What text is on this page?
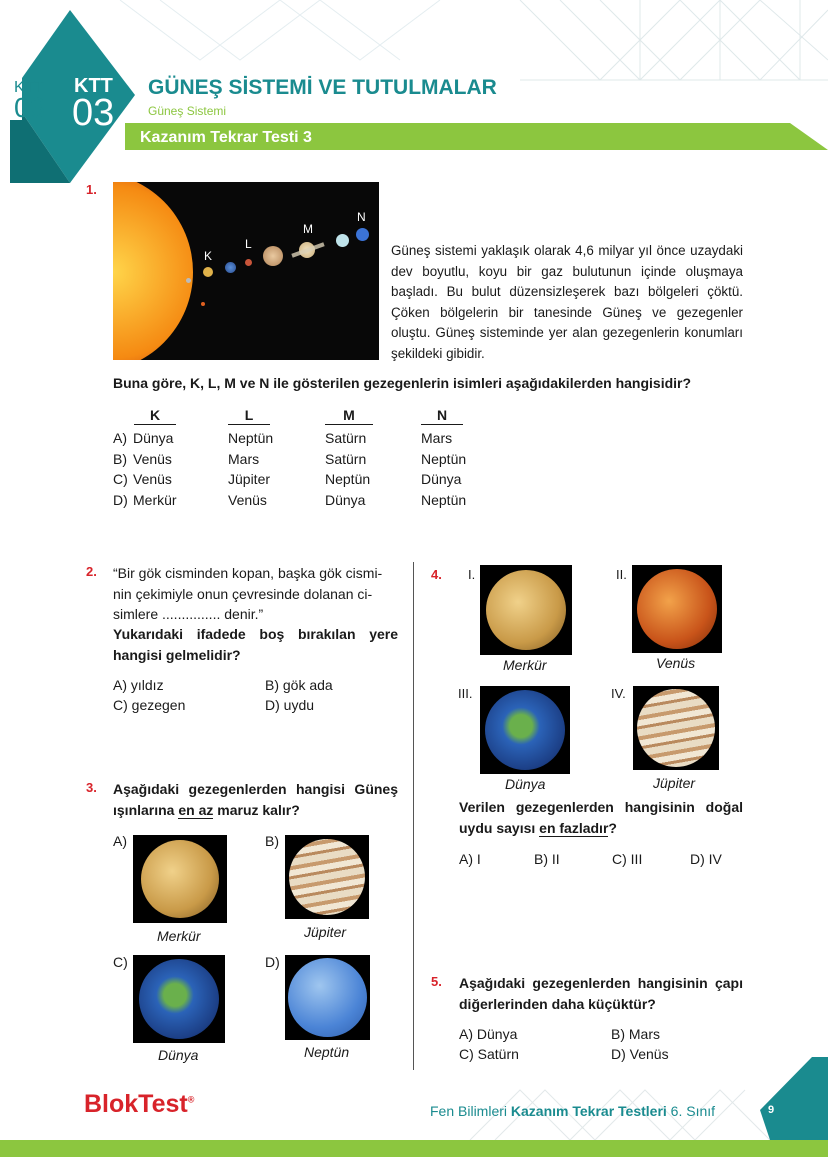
KTT
03
KTT
03
GÜNEŞ SİSTEMİ VE TUTULMALAR
Güneş Sistemi
Kazanım Tekrar Testi 3
1.
K
L
M
N
Güneş sistemi yaklaşık olarak 4,6 milyar yıl önce uzaydaki dev boyutlu, koyu bir gaz bulutunun içinde oluşmaya başladı. Bu bulut düzensizleşerek bazı bölgeleri çöktü. Çöken bölgelerin bir tanesinde Güneş ve gezegenler oluştu. Güneş sisteminde yer alan gezegenlerin konumları şekildeki gibidir.
Buna göre, K, L, M ve N ile gösterilen gezegenlerin isimleri aşağıdakilerden hangisidir?
K	L	M	N
A) Dünya	Neptün	Satürn	Mars
B) Venüs	Mars	Satürn	Neptün
C) Venüs	Jüpiter	Neptün	Dünya
D) Merkür	Venüs	Dünya	Neptün
2. “Bir gök cisminden kopan, başka gök cismi-
nin çekimiyle onun çevresinde dolanan ci-
simlere ............... denir.”
Yukarıdaki ifadede boş bırakılan yere
hangisi gelmelidir?
A) yıldız	B) gök ada
C) gezegen	D) uydu
3. Aşağıdaki gezegenlerden hangisi Güneş
ışınlarına en az maruz kalır?
A)
Merkür
B)
Jüpiter
C)
Dünya
D)
Neptün
4. I.
Merkür
II.
Venüs
III.
Dünya
IV.
Jüpiter
Verilen gezegenlerden hangisinin doğal
uydu sayısı en fazladır?
A) I	B) II	C) III	D) IV
5. Aşağıdaki gezegenlerden hangisinin çapı
diğerlerinden daha küçüktür?
A) Dünya	B) Mars
C) Satürn	D) Venüs
BlokTest®
Fen Bilimleri Kazanım Tekrar Testleri 6. Sınıf	9
